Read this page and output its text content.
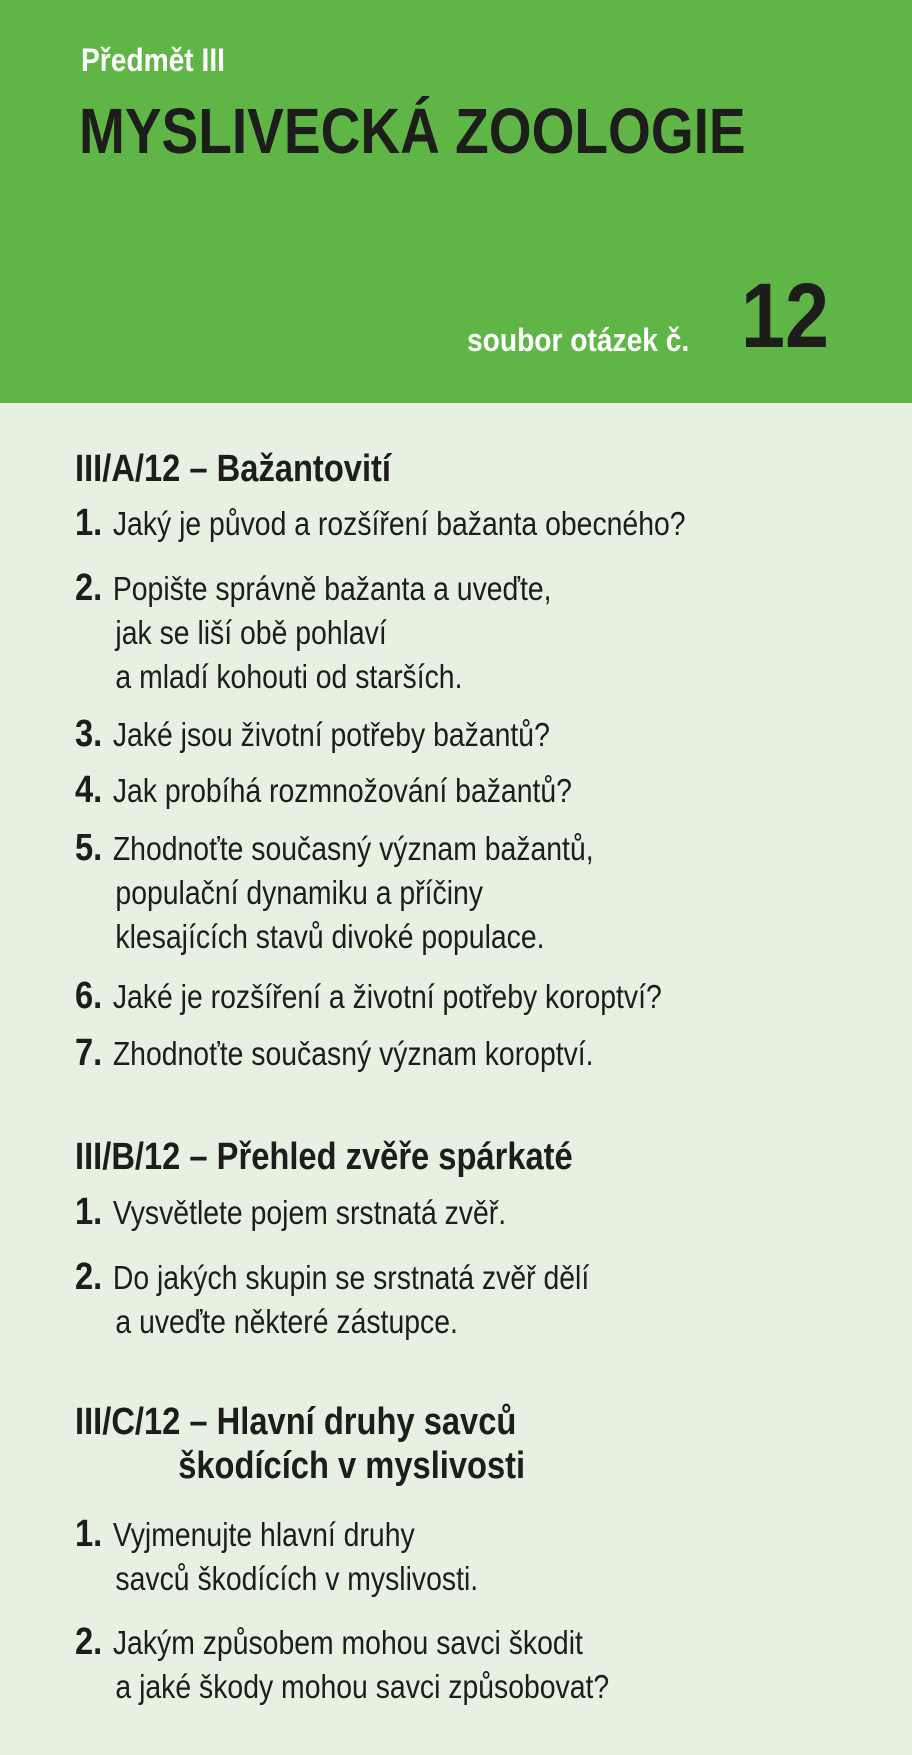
Předmět III
MYSLIVECKÁ ZOOLOGIE
soubor otázek č. 12
III/A/12 – Bažantovití
1. Jaký je původ a rozšíření bažanta obecného?
2. Popište správně bažanta a uveďte,
jak se liší obě pohlaví
a mladí kohouti od starších.
3. Jaké jsou životní potřeby bažantů?
4. Jak probíhá rozmnožování bažantů?
5. Zhodnoťte současný význam bažantů,
populační dynamiku a příčiny
klesajících stavů divoké populace.
6. Jaké je rozšíření a životní potřeby koroptví?
7. Zhodnoťte současný význam koroptví.
III/B/12 – Přehled zvěře spárkaté
1. Vysvětlete pojem srstnatá zvěř.
2. Do jakých skupin se srstnatá zvěř dělí
a uveďte některé zástupce.
III/C/12 – Hlavní druhy savců
škodících v myslivosti
1. Vyjmenujte hlavní druhy
savců škodících v myslivosti.
2. Jakým způsobem mohou savci škodit
a jaké škody mohou savci způsobovat?
